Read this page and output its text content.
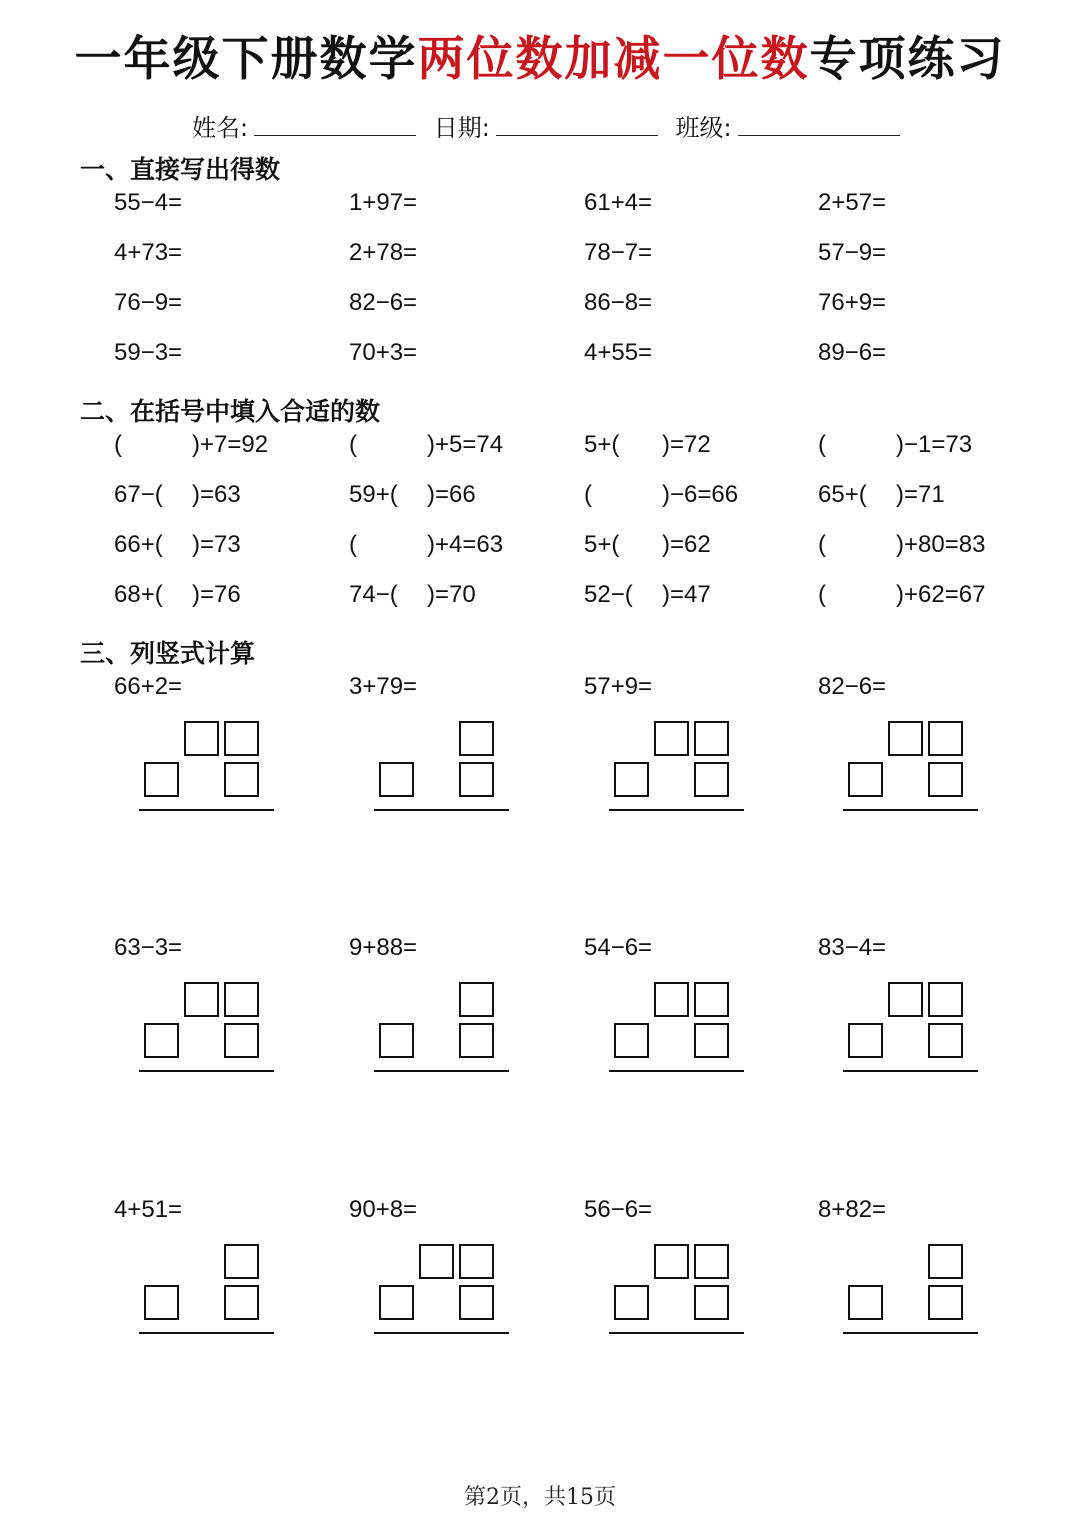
一年级下册数学两位数加减一位数专项练习
姓名:	日期:	班级:
一、直接写出得数
55−4=	1+97=	61+4=	2+57=
4+73=	2+78=	78−7=	57−9=
76−9=	82−6=	86−8=	76+9=
59−3=	70+3=	4+55=	89−6=
二、在括号中填入合适的数
(	)+7=92	(	)+5=74	5+( )=72	(	)−1=73
67−( )=63	59+( )=66	(	)−6=66	65+( )=71
66+( )=73	(	)+4=63	5+( )=62	(	)+80=83
68+( )=76	74−( )=70	52−( )=47	(	)+62=67
三、列竖式计算
66+2=	3+79=	57+9=	82−6=
63−3=	9+88=	54−6=	83−4=
4+51=	90+8=	56−6=	8+82=
第2页，共15页
